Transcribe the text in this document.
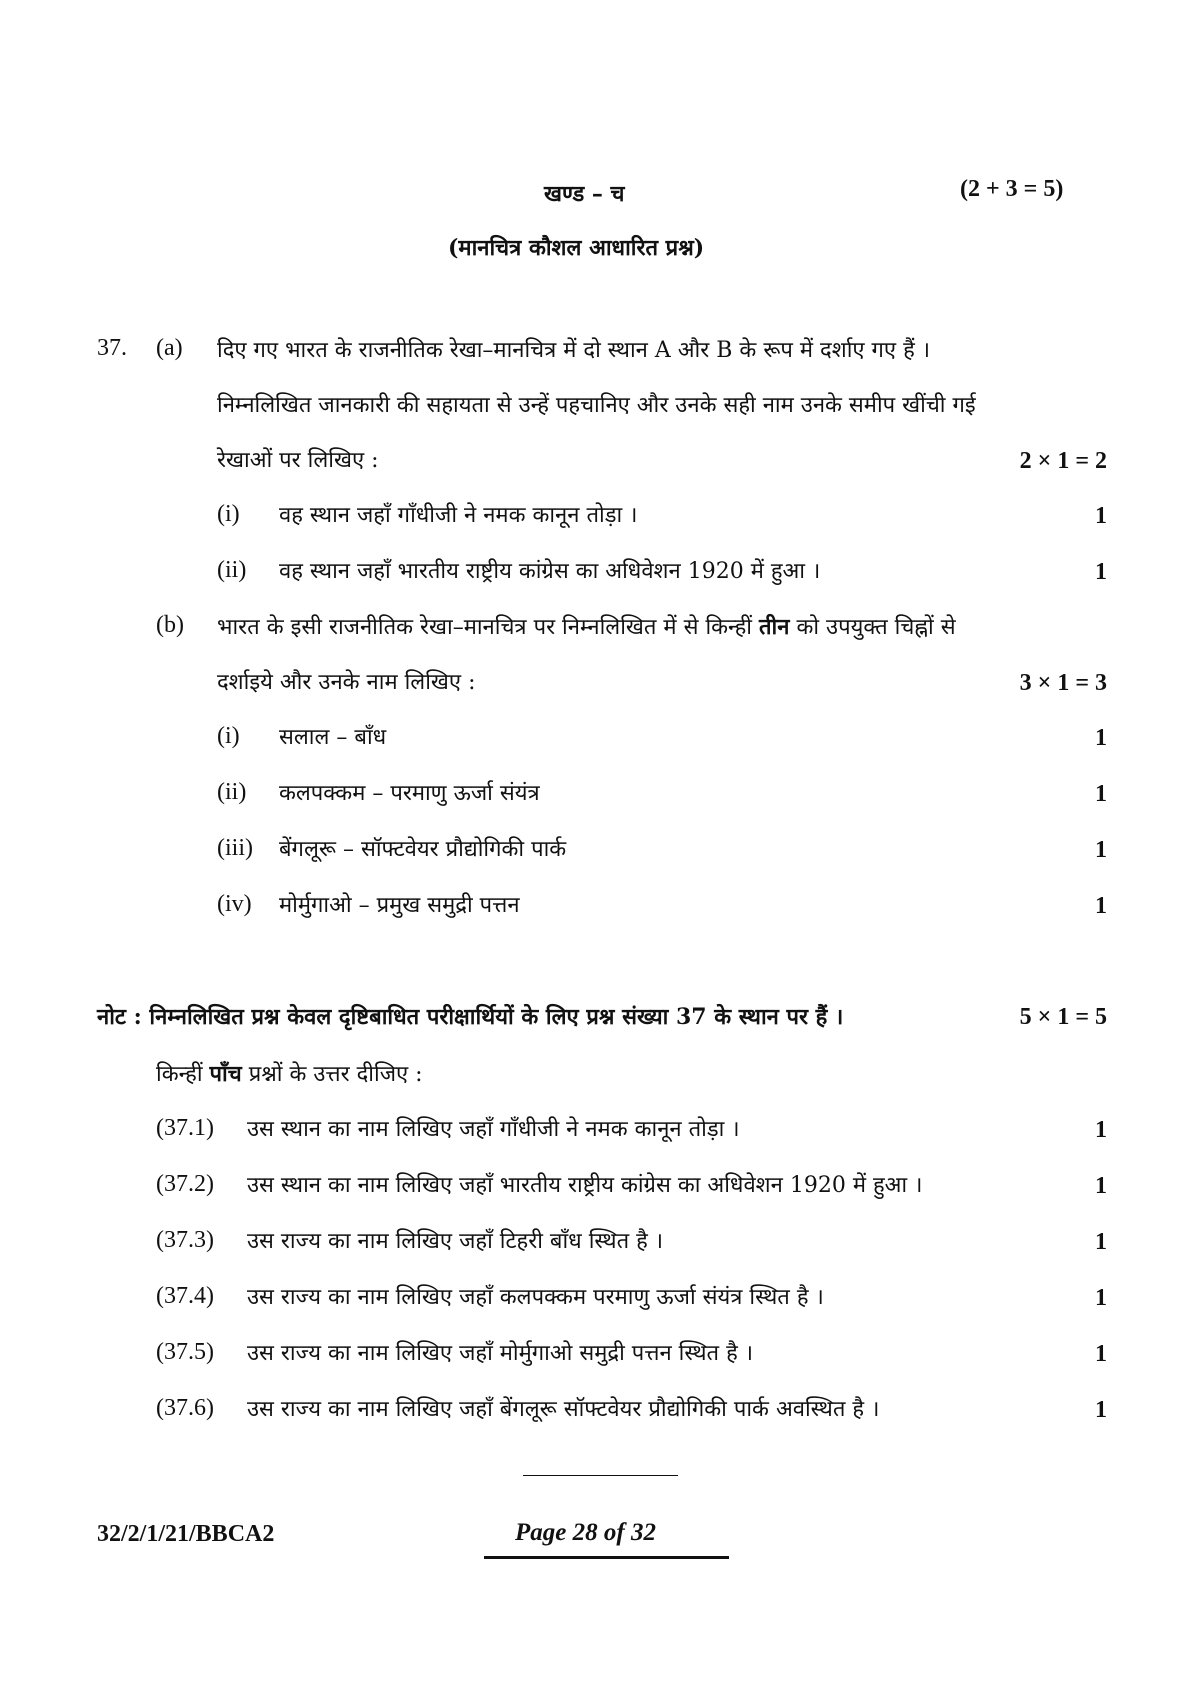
खण्ड – च	(2 + 3 = 5)
(मानचित्र कौशल आधारित प्रश्न)
37. (a) दिए गए भारत के राजनीतिक रेखा–मानचित्र में दो स्थान A और B के रूप में दर्शाए गए हैं ।
निम्नलिखित जानकारी की सहायता से उन्हें पहचानिए और उनके सही नाम उनके समीप खींची गई
रेखाओं पर लिखिए :	2 × 1 = 2
(i) वह स्थान जहाँ गाँधीजी ने नमक कानून तोड़ा ।	1
(ii) वह स्थान जहाँ भारतीय राष्ट्रीय कांग्रेस का अधिवेशन 1920 में हुआ ।	1
(b) भारत के इसी राजनीतिक रेखा–मानचित्र पर निम्नलिखित में से किन्हीं तीन को उपयुक्त चिह्नों से
दर्शाइये और उनके नाम लिखिए :	3 × 1 = 3
(i) सलाल – बाँध	1
(ii) कलपक्कम – परमाणु ऊर्जा संयंत्र	1
(iii) बेंगलूरू – सॉफ्टवेयर प्रौद्योगिकी पार्क	1
(iv) मोर्मुगाओ – प्रमुख समुद्री पत्तन	1
नोट : निम्नलिखित प्रश्न केवल दृष्टिबाधित परीक्षार्थियों के लिए प्रश्न संख्या 37 के स्थान पर हैं ।	5 × 1 = 5
किन्हीं पाँच प्रश्नों के उत्तर दीजिए :
(37.1) उस स्थान का नाम लिखिए जहाँ गाँधीजी ने नमक कानून तोड़ा ।	1
(37.2) उस स्थान का नाम लिखिए जहाँ भारतीय राष्ट्रीय कांग्रेस का अधिवेशन 1920 में हुआ ।	1
(37.3) उस राज्य का नाम लिखिए जहाँ टिहरी बाँध स्थित है ।	1
(37.4) उस राज्य का नाम लिखिए जहाँ कलपक्कम परमाणु ऊर्जा संयंत्र स्थित है ।	1
(37.5) उस राज्य का नाम लिखिए जहाँ मोर्मुगाओ समुद्री पत्तन स्थित है ।	1
(37.6) उस राज्य का नाम लिखिए जहाँ बेंगलूरू सॉफ्टवेयर प्रौद्योगिकी पार्क अवस्थित है ।	1
32/2/1/21/BBCA2	Page 28 of 32
